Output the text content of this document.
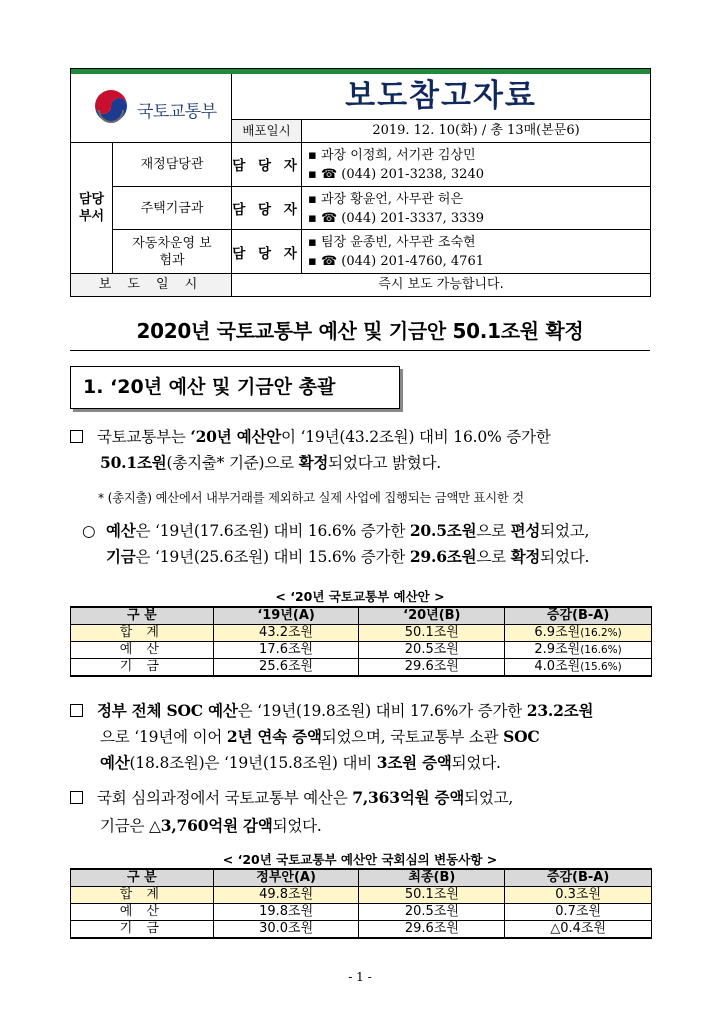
국토교통부	보도참고자료
배포일시	2019. 12. 10(화) / 총 13매(본문6)
담당 부서
재정담당관	담 당 자
▪ 과장 이정희, 서기관 김상민
▪ ☎ (044) 201-3238, 3240
주택기금과	담 당 자
▪ 과장 황윤언, 사무관 허은
▪ ☎ (044) 201-3337, 3339
자동차운영 보험과	담 당 자
▪ 팀장 윤종빈, 사무관 조숙현
▪ ☎ (044) 201-4760, 4761
보 도 일 시	즉시 보도 가능합니다.
2020년 국토교통부 예산 및 기금안 50.1조원 확정
1. ‘20년 예산 및 기금안 총괄
국토교통부는 ‘20년 예산안이 ‘19년(43.2조원) 대비 16.0% 증가한
50.1조원(총지출* 기준)으로 확정되었다고 밝혔다.
* (총지출) 예산에서 내부거래를 제외하고 실제 사업에 집행되는 금액만 표시한 것
○ 예산은 ‘19년(17.6조원) 대비 16.6% 증가한 20.5조원으로 편성되었고,
기금은 ‘19년(25.6조원) 대비 15.6% 증가한 29.6조원으로 확정되었다.
< ‘20년 국토교통부 예산안 >
구 분	‘19년(A)	‘20년(B)	증감(B-A)
합 계	43.2조원	50.1조원	6.9조원(16.2%)
예 산	17.6조원	20.5조원	2.9조원(16.6%)
기 금	25.6조원	29.6조원	4.0조원(15.6%)
정부 전체 SOC 예산은 ‘19년(19.8조원) 대비 17.6%가 증가한 23.2조원
으로 ‘19년에 이어 2년 연속 증액되었으며, 국토교통부 소관 SOC
예산(18.8조원)은 ‘19년(15.8조원) 대비 3조원 증액되었다.
국회 심의과정에서 국토교통부 예산은 7,363억원 증액되었고,
기금은 △3,760억원 감액되었다.
< ‘20년 국토교통부 예산안 국회심의 변동사항 >
구 분	정부안(A)	최종(B)	증감(B-A)
합 계	49.8조원	50.1조원	0.3조원
예 산	19.8조원	20.5조원	0.7조원
기 금	30.0조원	29.6조원	△0.4조원
- 1 -
